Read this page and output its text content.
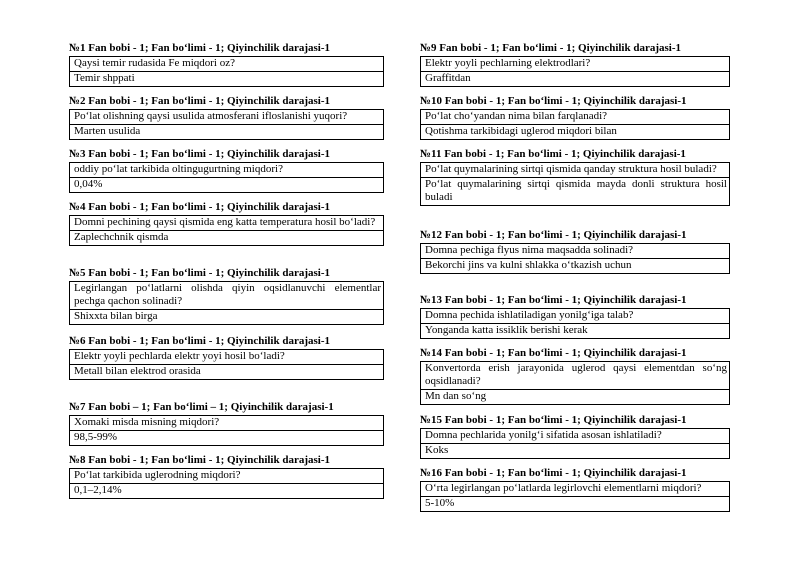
№1 Fan bobi - 1; Fan bo‘limi - 1; Qiyinchilik darajasi-1
Qaysi temir rudasida Fe miqdori oz?
Temir shppati
№2 Fan bobi - 1; Fan bo‘limi - 1; Qiyinchilik darajasi-1
Po‘lat olishning qaysi usulida atmosferani ifloslanishi yuqori?
Marten usulida
№3 Fan bobi - 1; Fan bo‘limi - 1; Qiyinchilik darajasi-1
oddiy po‘lat tarkibida oltingugurtning miqdori?
0,04%
№4 Fan bobi - 1; Fan bo‘limi - 1; Qiyinchilik darajasi-1
Domni pechining qaysi qismida eng katta temperatura hosil bo‘ladi?
Zaplechchnik qismda
№5 Fan bobi - 1; Fan bo‘limi - 1; Qiyinchilik darajasi-1
Legirlangan po‘latlarni olishda qiyin oqsidlanuvchi elementlar pechga qachon solinadi?
Shixxta bilan birga
№6 Fan bobi - 1; Fan bo‘limi - 1; Qiyinchilik darajasi-1
Elektr yoyli pechlarda elektr yoyi hosil bo‘ladi?
Metall bilan elektrod orasida
№7 Fan bobi – 1; Fan bo‘limi – 1; Qiyinchilik darajasi-1
Xomaki misda misning miqdori?
98,5-99%
№8 Fan bobi - 1; Fan bo‘limi - 1; Qiyinchilik darajasi-1
Po‘lat tarkibida uglerodning miqdori?
0,1–2,14%
№9 Fan bobi - 1; Fan bo‘limi - 1; Qiyinchilik darajasi-1
Elektr yoyli pechlarning elektrodlari?
Graffitdan
№10 Fan bobi - 1; Fan bo‘limi - 1; Qiyinchilik darajasi-1
Po‘lat cho‘yandan nima bilan farqlanadi?
Qotishma tarkibidagi uglerod miqdori bilan
№11 Fan bobi - 1; Fan bo‘limi - 1; Qiyinchilik darajasi-1
Po‘lat quymalarining sirtqi qismida qanday struktura hosil buladi?
Po‘lat quymalarining sirtqi qismida mayda donli struktura hosil buladi
№12 Fan bobi - 1; Fan bo‘limi - 1; Qiyinchilik darajasi-1
Domna pechiga flyus nima maqsadda solinadi?
Bekorchi jins va kulni shlakka o‘tkazish uchun
№13 Fan bobi - 1; Fan bo‘limi - 1; Qiyinchilik darajasi-1
Domna pechida ishlatiladigan yonilg‘iga talab?
Yonganda katta issiklik berishi kerak
№14 Fan bobi - 1; Fan bo‘limi - 1; Qiyinchilik darajasi-1
Konvertorda erish jarayonida uglerod qaysi elementdan so‘ng oqsidlanadi?
Mn dan so‘ng
№15 Fan bobi - 1; Fan bo‘limi - 1; Qiyinchilik darajasi-1
Domna pechlarida yonilg‘i sifatida asosan ishlatiladi?
Koks
№16 Fan bobi - 1; Fan bo‘limi - 1; Qiyinchilik darajasi-1
O‘rta legirlangan po‘latlarda legirlovchi elementlarni miqdori?
5-10%
